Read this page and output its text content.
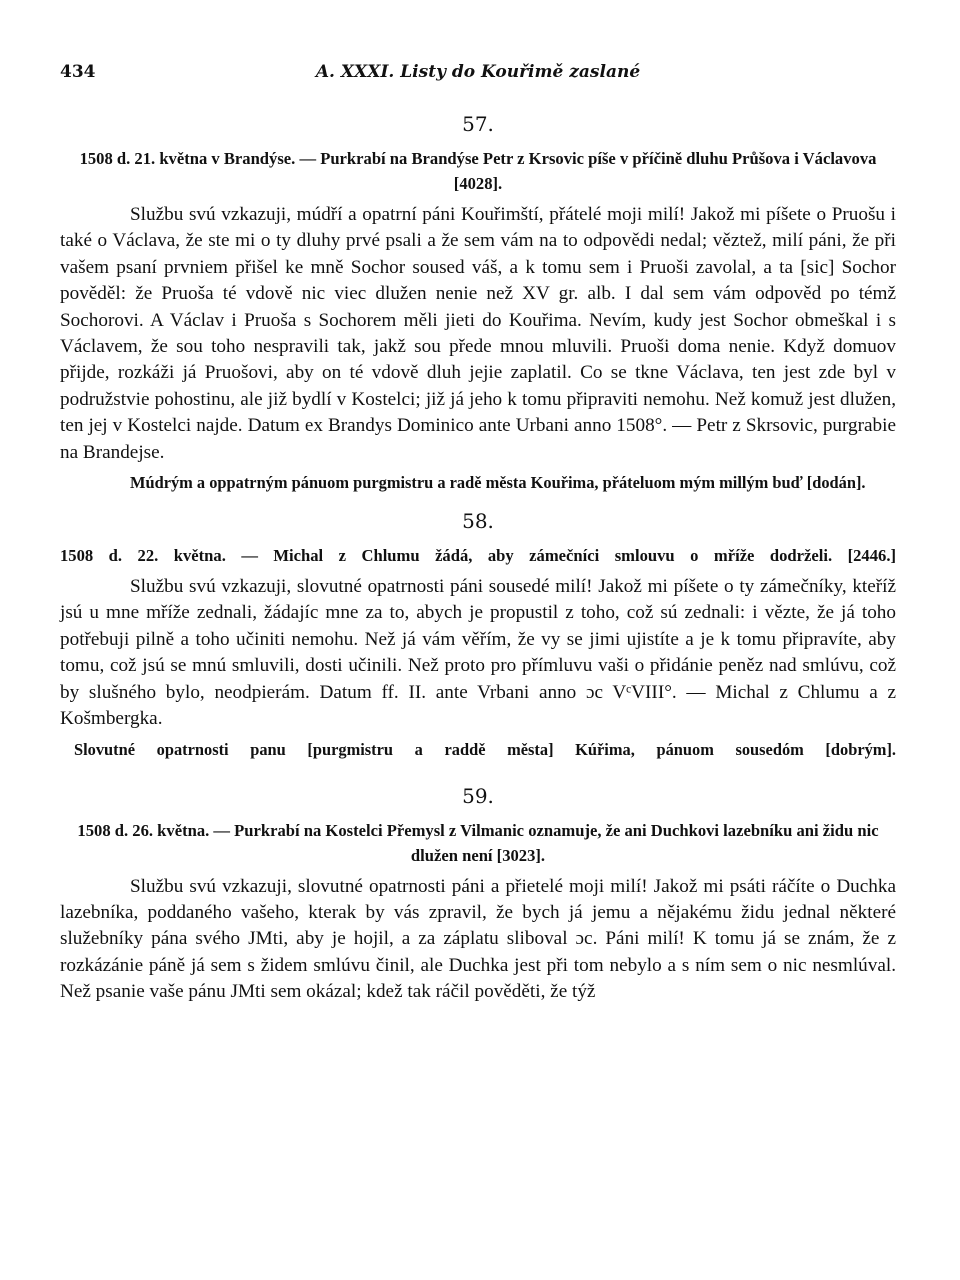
434	A. XXXI. Listy do Kouřimě zaslané

57.

1508 d. 21. května v Brandýse. — Purkrabí na Brandýse Petr z Krsovic píše v příčině dluhu Průšova i Václavova [4028].

Službu svú vzkazuji, múdří a opatrní páni Kouřimští, přátelé moji milí! Jakož mi píšete o Pruošu i také o Václava, že ste mi o ty dluhy prvé psali a že sem vám na to odpovědi nedal; věztež, milí páni, že při vašem psaní prvniem přišel ke mně Sochor soused váš, a k tomu sem i Pruoši zavolal, a ta [sic] Sochor pověděl: že Pruoša té vdově nic viec dlužen nenie než XV gr. alb. I dal sem vám odpověd po témž Sochorovi. A Václav i Pruoša s Sochorem měli jieti do Kouřima. Nevím, kudy jest Sochor obmeškal i s Václavem, že sou toho nespravili tak, jakž sou přede mnou mluvili. Pruoši doma nenie. Když domuov přijde, rozkáži já Pruošovi, aby on té vdově dluh jejie zaplatil. Co se tkne Václava, ten jest zde byl v podružstvie pohostinu, ale již bydlí v Kostelci; již já jeho k tomu připraviti nemohu. Než komuž jest dlužen, ten jej v Kostelci najde. Datum ex Brandys Dominico ante Urbani anno 1508°. — Petr z Skrsovic, purgrabie na Brandejse.

Múdrým a oppatrným pánuom purgmistru a radě města Kouřima, přáteluom mým millým buď [dodán].

58.

1508 d. 22. května. — Michal z Chlumu žádá, aby zámečníci smlouvu o mříže dodrželi. [2446.]

Službu svú vzkazuji, slovutné opatrnosti páni sousedé milí! Jakož mi píšete o ty zámečníky, kteříž jsú u mne mříže zednali, žádajíc mne za to, abych je propustil z toho, což sú zednali: i vězte, že já toho potřebuji pilně a toho učiniti nemohu. Než já vám věřím, že vy se jimi ujistíte a je k tomu připravíte, aby tomu, což jsú se mnú smluvili, dosti učinili. Než proto pro přímluvu vaši o přidánie peněz nad smlúvu, což by slušného bylo, neodpierám. Datum ff. II. ante Vrbani anno ɔc VᶜVIII°. — Michal z Chlumu a z Košmbergka.

Slovutné opatrnosti panu [purgmistru a raddě města] Kúřima, pánuom sousedóm [dobrým].

59.

1508 d. 26. května. — Purkrabí na Kostelci Přemysl z Vilmanic oznamuje, že ani Duchkovi lazebníku ani židu nic dlužen není [3023].

Službu svú vzkazuji, slovutné opatrnosti páni a přietelé moji milí! Jakož mi psáti ráčíte o Duchka lazebníka, poddaného vašeho, kterak by vás zpravil, že bych já jemu a nějakému židu jednal některé služebníky pána svého JMti, aby je hojil, a za záplatu sliboval ɔc. Páni milí! K tomu já se znám, že z rozkázánie páně já sem s židem smlúvu činil, ale Duchka jest při tom nebylo a s ním sem o nic nesmlúval. Než psanie vaše pánu JMti sem okázal; kdež tak ráčil pověděti, že týž
